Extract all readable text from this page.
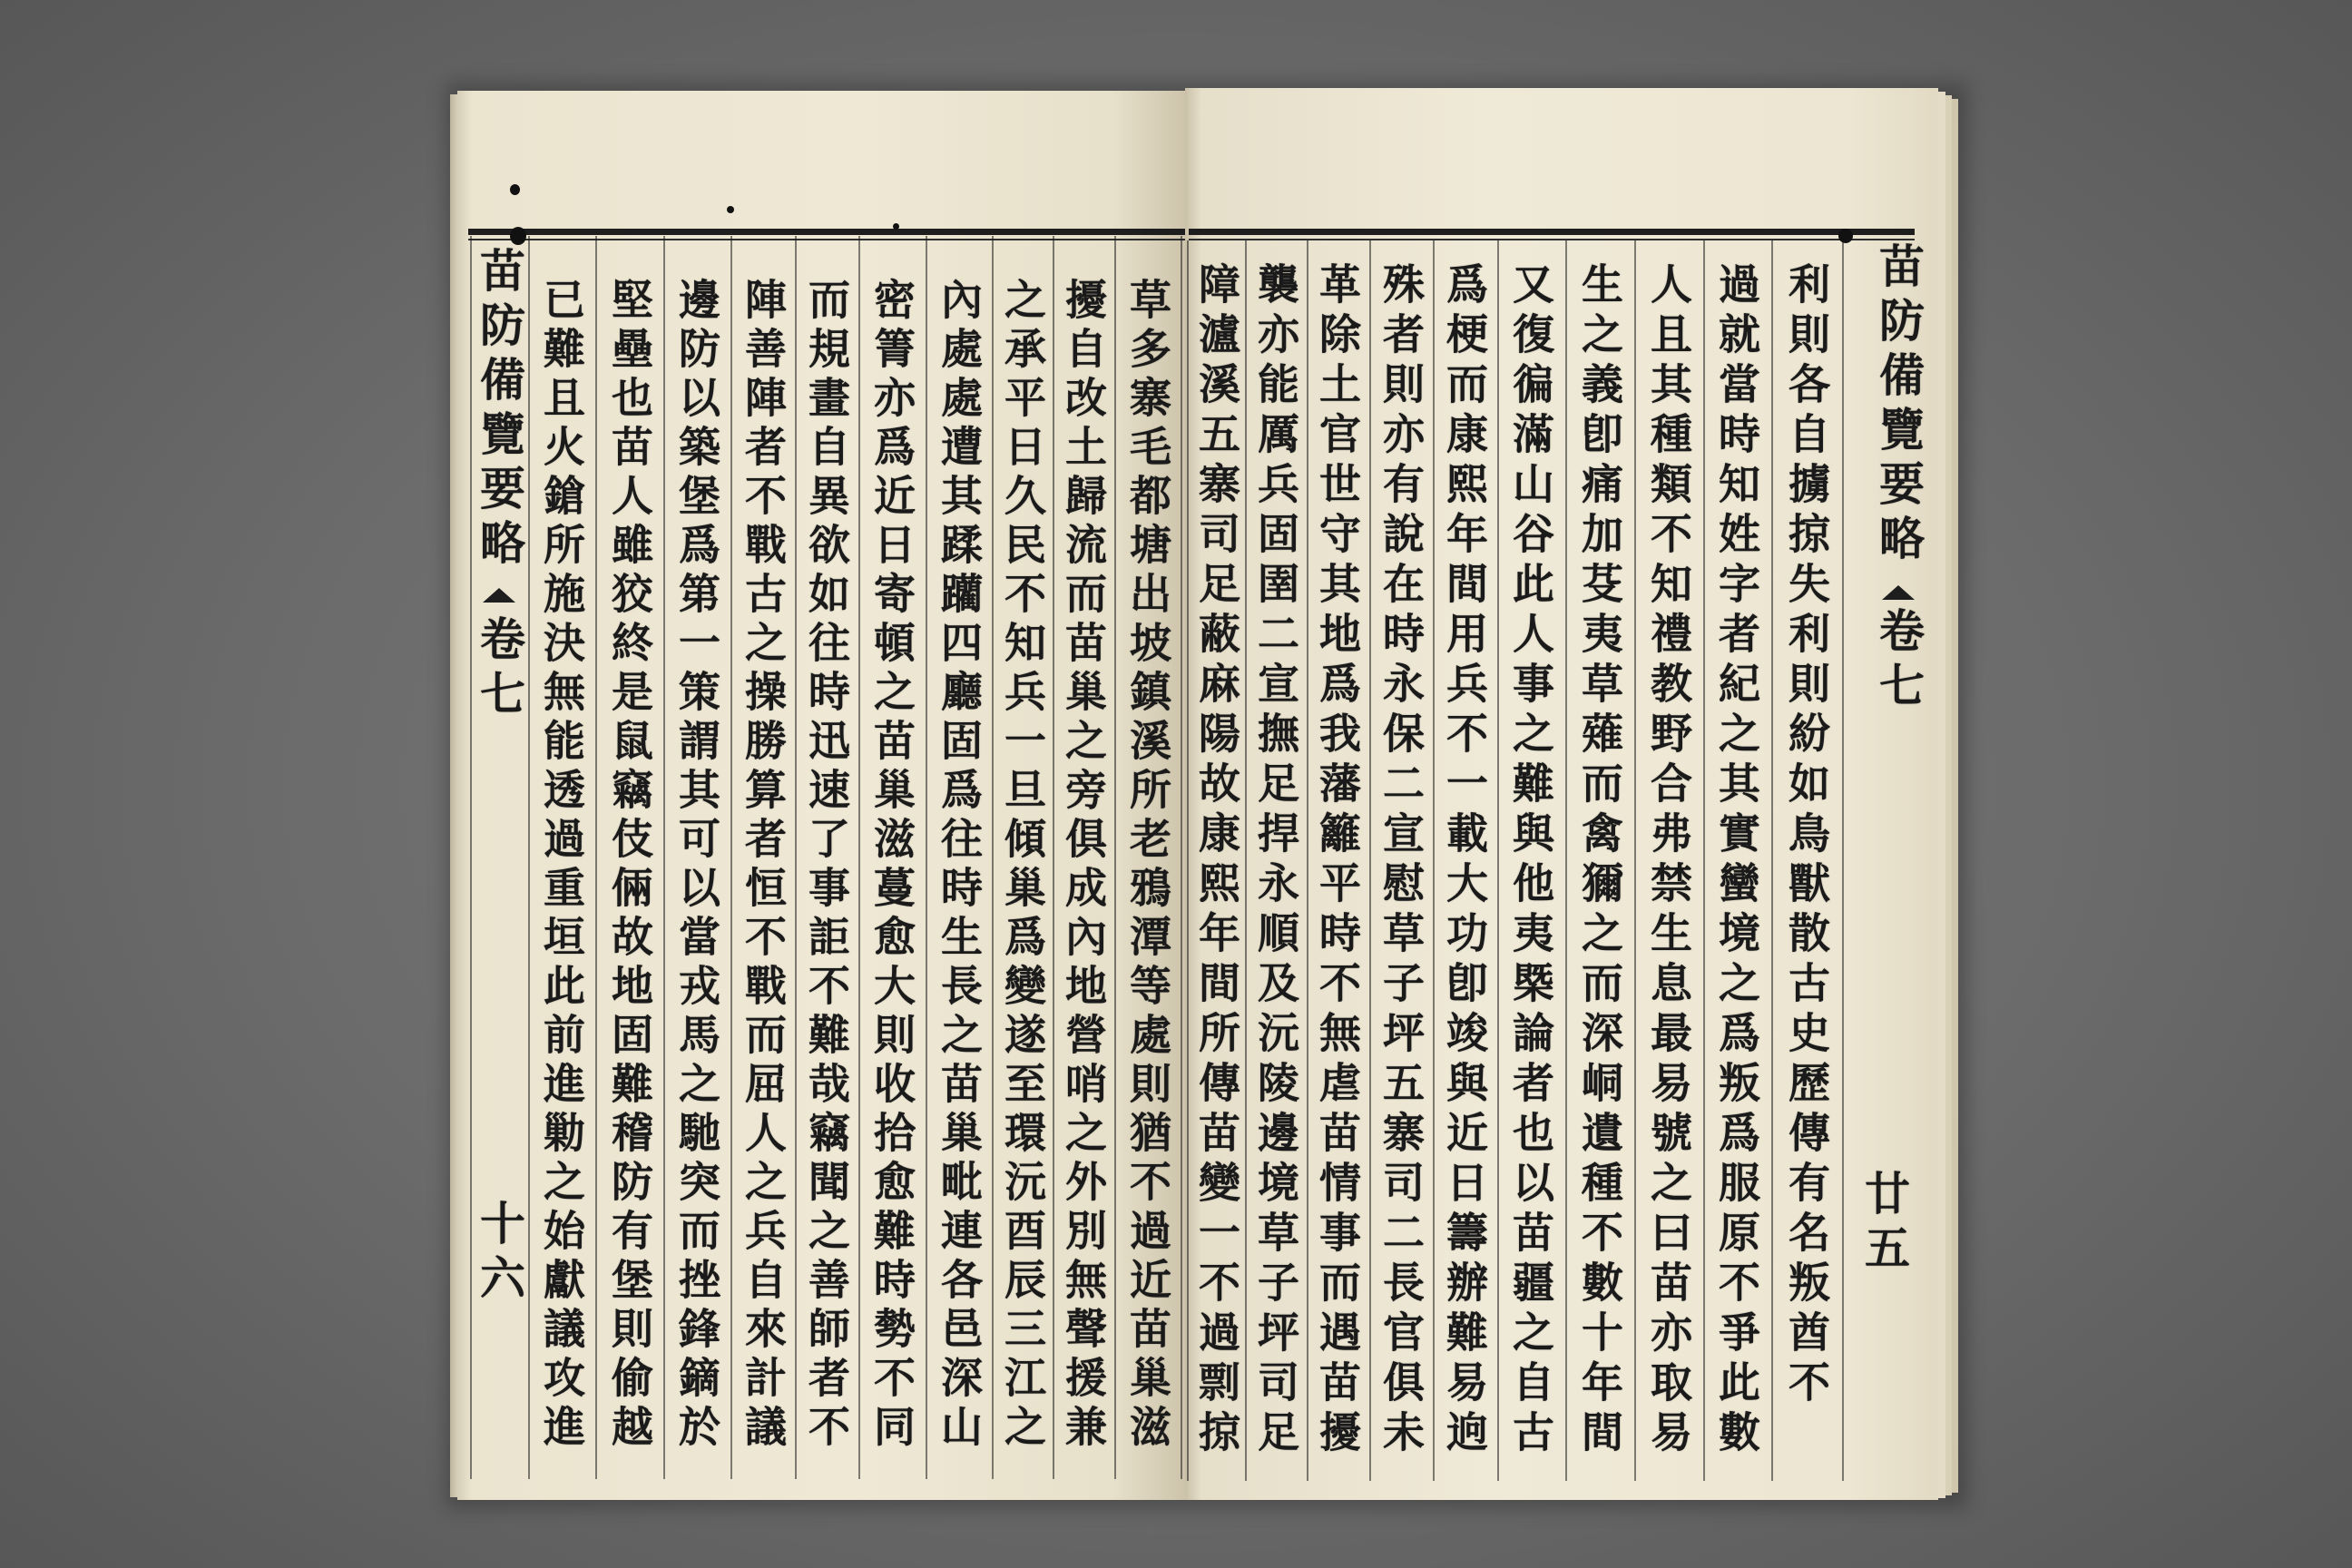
利則各自擄掠失利則紛如鳥獸散古史歷傳有名叛酋不
過就當時知姓字者紀之其實蠻境之爲叛爲服原不爭此數
人且其種類不知禮教野合弗禁生息最易號之曰苗亦取易
生之義卽痛加芟夷草薙而禽獮之而深峒遺種不數十年間
又復徧滿山谷此人事之難與他夷槩論者也以苗疆之自古
爲梗而康熙年間用兵不一載大功卽竣與近日籌辦難易逈
殊者則亦有說在時永保二宣慰草子坪五寨司二長官俱未
革除土官世守其地爲我藩籬平時不無虐苗情事而遇苗擾
襲亦能厲兵固圉二宣撫足捍永順及沅陵邊境草子坪司足
障瀘溪五寨司足蔽麻陽故康熙年間所傳苗變一不過剽掠	苗防備覽要略
卷七
廿五
草多寨毛都塘出坡鎮溪所老鴉潭等處則猶不過近苗巢滋
擾自改土歸流而苗巢之旁俱成內地營哨之外別無聲援兼
之承平日久民不知兵一旦傾巢爲變遂至環沅酉辰三江之
內處處遭其蹂躪四廳固爲往時生長之苗巢毗連各邑深山
密箐亦爲近日寄頓之苗巢滋蔓愈大則收拾愈難時勢不同
而規畫自異欲如往時迅速了事詎不難哉竊聞之善師者不
陣善陣者不戰古之操勝算者恒不戰而屈人之兵自來計議
邊防以築堡爲第一策謂其可以當戎馬之馳突而挫鋒鏑於
堅壘也苗人雖狡終是鼠竊伎倆故地固難稽防有堡則偷越
已難且火鎗所施決無能透過重垣此前進勦之始獻議攻進
苗防備覽要略
卷七
十六
